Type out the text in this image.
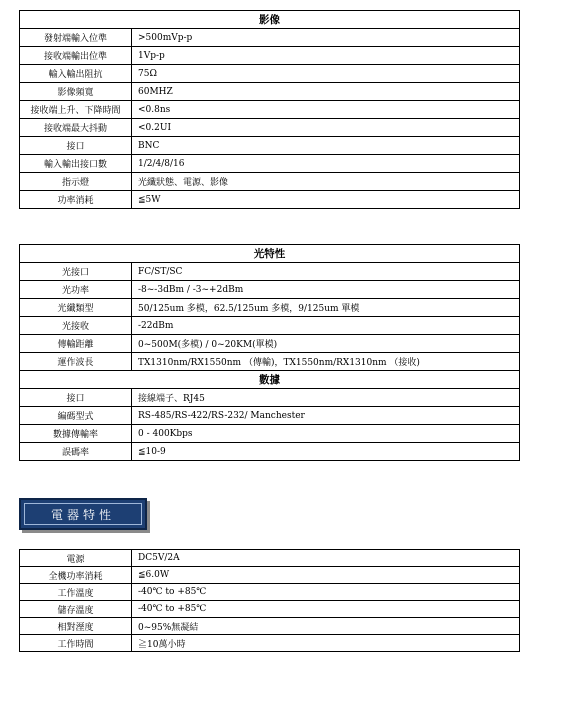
影像	
發射端輸入位準	>500mVp-p
接收端輸出位準	1Vp-p
輸入輸出阻抗	75Ω
影像頻寬	60MHZ
接收端上升、下降時間	<0.8ns
接收端最大抖動	<0.2UI
接口	BNC
輸入輸出接口數	1/2/4/8/16
指示燈	光纖狀態、電源、影像
功率消耗	≦5W
光特性	
光接口	FC/ST/SC
光功率	-8~-3dBm / -3~+2dBm
光纖類型	50/125um 多模，62.5/125um 多模，9/125um 單模
光接收	-22dBm
傳輸距離	0~500M(多模) / 0~20KM(單模)
運作波長	TX1310nm/RX1550nm （傳輸)，TX1550nm/RX1310nm （接收)
數據	
接口	接線端子、RJ45
編碼型式	RS-485/RS-422/RS-232/ Manchester
數據傳輸率	0 - 400Kbps
誤碼率	≦10-9
電器特性
電源	DC5V/2A
全機功率消耗	≦6.0W
工作溫度	-40℃ to +85℃
儲存溫度	-40℃ to +85℃
相對溼度	0~95%無凝結
工作時間	≧10萬小時
